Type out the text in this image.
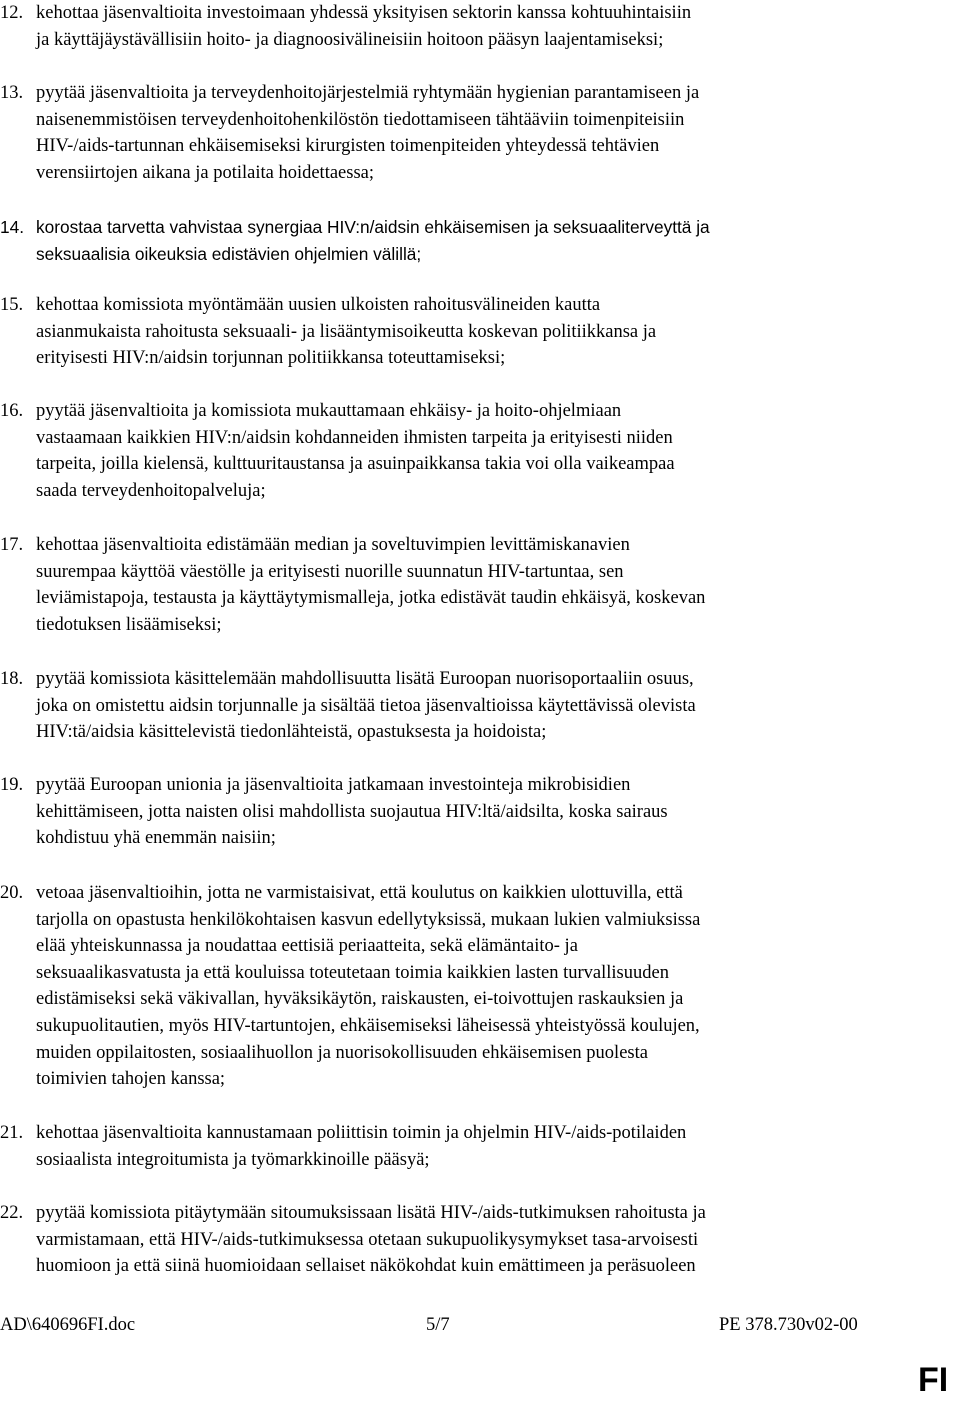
12. kehottaa jäsenvaltioita investoimaan yhdessä yksityisen sektorin kanssa kohtuuhintaisiin
ja käyttäjäystävällisiin hoito- ja diagnoosivälineisiin hoitoon pääsyn laajentamiseksi;
13. pyytää jäsenvaltioita ja terveydenhoitojärjestelmiä ryhtymään hygienian parantamiseen ja
naisenemmistöisen terveydenhoitohenkilöstön tiedottamiseen tähtääviin toimenpiteisiin
HIV-/aids-tartunnan ehkäisemiseksi kirurgisten toimenpiteiden yhteydessä tehtävien
verensiirtojen aikana ja potilaita hoidettaessa;
14. korostaa tarvetta vahvistaa synergiaa HIV:n/aidsin ehkäisemisen ja seksuaaliterveyttä ja
seksuaalisia oikeuksia edistävien ohjelmien välillä;
15. kehottaa komissiota myöntämään uusien ulkoisten rahoitusvälineiden kautta
asianmukaista rahoitusta seksuaali- ja lisääntymisoikeutta koskevan politiikkansa ja
erityisesti HIV:n/aidsin torjunnan politiikkansa toteuttamiseksi;
16. pyytää jäsenvaltioita ja komissiota mukauttamaan ehkäisy- ja hoito-ohjelmiaan
vastaamaan kaikkien HIV:n/aidsin kohdanneiden ihmisten tarpeita ja erityisesti niiden
tarpeita, joilla kielensä, kulttuuritaustansa ja asuinpaikkansa takia voi olla vaikeampaa
saada terveydenhoitopalveluja;
17. kehottaa jäsenvaltioita edistämään median ja soveltuvimpien levittämiskanavien
suurempaa käyttöä väestölle ja erityisesti nuorille suunnatun HIV-tartuntaa, sen
leviämistapoja, testausta ja käyttäytymismalleja, jotka edistävät taudin ehkäisyä, koskevan
tiedotuksen lisäämiseksi;
18. pyytää komissiota käsittelemään mahdollisuutta lisätä Euroopan nuorisoportaaliin osuus,
joka on omistettu aidsin torjunnalle ja sisältää tietoa jäsenvaltioissa käytettävissä olevista
HIV:tä/aidsia käsittelevistä tiedonlähteistä, opastuksesta ja hoidoista;
19. pyytää Euroopan unionia ja jäsenvaltioita jatkamaan investointeja mikrobisidien
kehittämiseen, jotta naisten olisi mahdollista suojautua HIV:ltä/aidsilta, koska sairaus
kohdistuu yhä enemmän naisiin;
20. vetoaa jäsenvaltioihin, jotta ne varmistaisivat, että koulutus on kaikkien ulottuvilla, että
tarjolla on opastusta henkilökohtaisen kasvun edellytyksissä, mukaan lukien valmiuksissa
elää yhteiskunnassa ja noudattaa eettisiä periaatteita, sekä elämäntaito- ja
seksuaalikasvatusta ja että kouluissa toteutetaan toimia kaikkien lasten turvallisuuden
edistämiseksi sekä väkivallan, hyväksikäytön, raiskausten, ei-toivottujen raskauksien ja
sukupuolitautien, myös HIV-tartuntojen, ehkäisemiseksi läheisessä yhteistyössä koulujen,
muiden oppilaitosten, sosiaalihuollon ja nuorisokollisuuden ehkäisemisen puolesta
toimivien tahojen kanssa;
21. kehottaa jäsenvaltioita kannustamaan poliittisin toimin ja ohjelmin HIV-/aids-potilaiden
sosiaalista integroitumista ja työmarkkinoille pääsyä;
22. pyytää komissiota pitäytymään sitoumuksissaan lisätä HIV-/aids-tutkimuksen rahoitusta ja
varmistamaan, että HIV-/aids-tutkimuksessa otetaan sukupuolikysymykset tasa-arvoisesti
huomioon ja että siinä huomioidaan sellaiset näkökohdat kuin emättimeen ja peräsuoleen
AD\640696FI.doc	5/7	PE 378.730v02-00
FI
